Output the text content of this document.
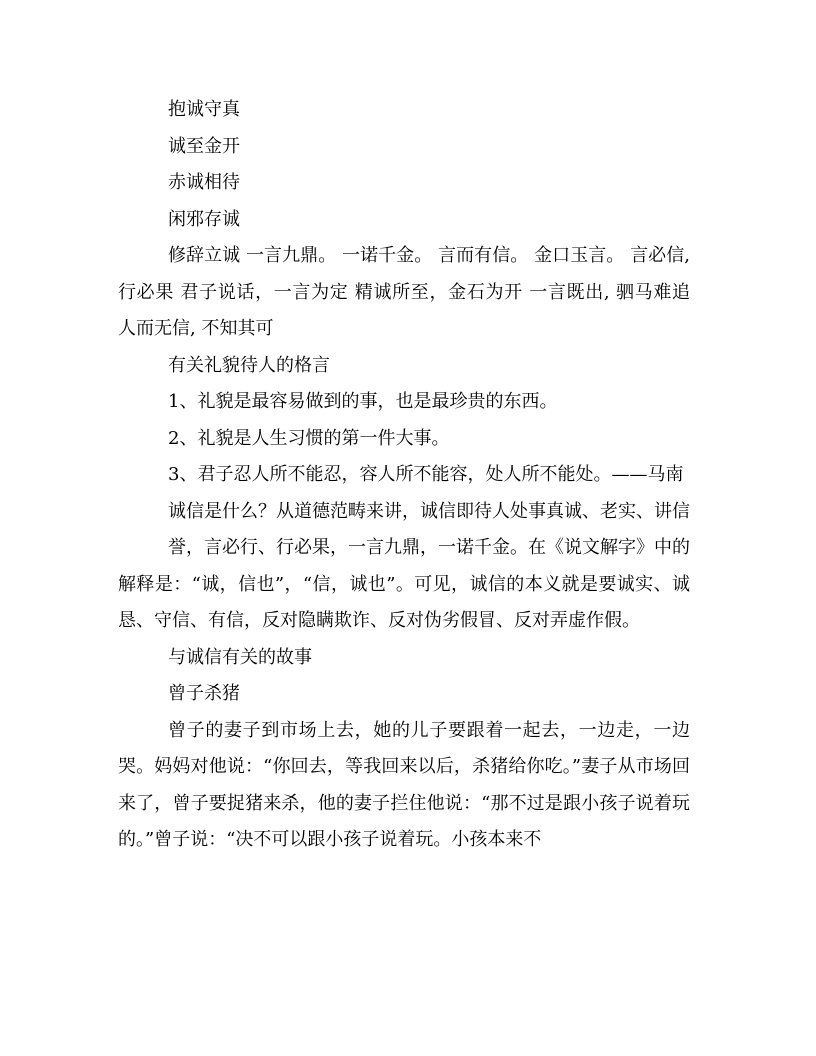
抱诚守真

诚至金开

赤诚相待

闲邪存诚

修辞立诚 一言九鼎。 一诺千金。 言而有信。 金口玉言。 言必信, 行必果 君子说话，一言为定 精诚所至，金石为开 一言既出, 驷马难追 人而无信, 不知其可

有关礼貌待人的格言

1、礼貌是最容易做到的事，也是最珍贵的东西。

2、礼貌是人生习惯的第一件大事。

3、君子忍人所不能忍，容人所不能容，处人所不能处。——马南

诚信是什么？从道德范畴来讲，诚信即待人处事真诚、老实、讲信

誉，言必行、行必果，一言九鼎，一诺千金。在《说文解字》中的解释是：“诚，信也”，“信，诚也”。可见，诚信的本义就是要诚实、诚恳、守信、有信，反对隐瞒欺诈、反对伪劣假冒、反对弄虚作假。

与诚信有关的故事

曾子杀猪

曾子的妻子到市场上去，她的儿子要跟着一起去，一边走，一边哭。妈妈对他说：“你回去，等我回来以后，杀猪给你吃。”妻子从市场回来了，曾子要捉猪来杀，他的妻子拦住他说：“那不过是跟小孩子说着玩的。”曾子说：“决不可以跟小孩子说着玩。小孩本来不
